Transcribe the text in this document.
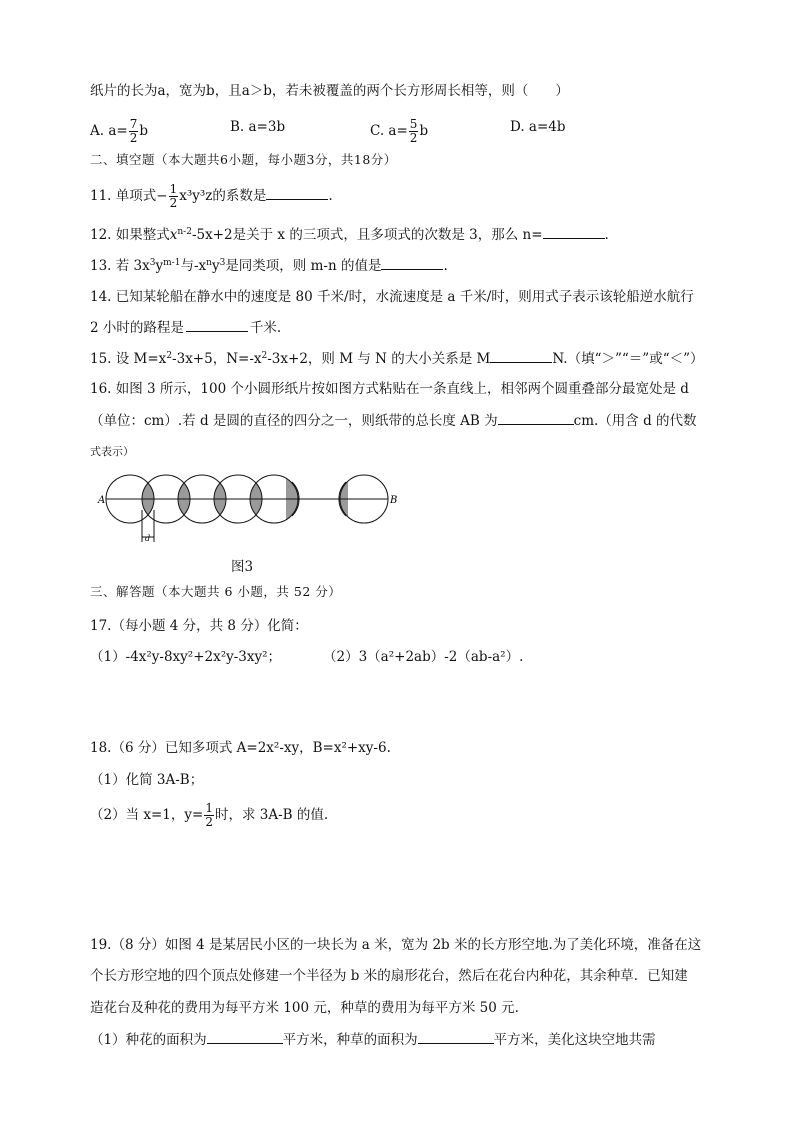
纸片的长为a，宽为b，且a＞b，若未被覆盖的两个长方形周长相等，则（　　）
A. $a= \frac{7}{2}$ b	B. a=3b	C. $a= \frac{5}{2}$ b	D. a=4b
二、填空题（本大题共6小题，每小题3分，共18分）
11. 单项式− $\frac{1}{2} x^3y^3z$的系数是	.
12. 如果整式$x^{n-2}-5x+2$是关于 x 的三项式，且多项式的次数是 3，那么 n=	.
13. 若 $3x^3y^{m-1}$与$-x^ny^3$是同类项，则 m-n 的值是	.
14. 已知某轮船在静水中的速度是 80 千米/时，水流速度是 a 千米/时，则用式子表示该轮船逆水航行
2 小时的路程是	千米.
15. 设 $M=x^2-3x+5$，$N=-x^2-3x+2$，则 M 与 N 的大小关系是 M	N.（填“＞”“＝”或“＜”）
16. 如图 3 所示，100 个小圆形纸片按如图方式粘贴在一条直线上，相邻两个圆重叠部分最宽处是 d
（单位：cm）.若 d 是圆的直径的四分之一，则纸带的总长度 AB 为	cm.（用含 d 的代数
式表示）
A	B
d
图3
三、解答题（本大题共 6 小题，共 52 分）
17.（每小题 4 分，共 8 分）化简：
（1）-4x²y-8xy²+2x²y-3xy²；	（2）3（a²+2ab）-2（ab-a²）.
18.（6 分）已知多项式 A=2x²-xy，B=x²+xy-6.
（1）化简 3A-B；
（2）当 x=1，$y= \frac{1}{2}$ 时，求 3A-B 的值.
19.（8 分）如图 4 是某居民小区的一块长为 a 米，宽为 2b 米的长方形空地.为了美化环境，准备在这
个长方形空地的四个顶点处修建一个半径为 b 米的扇形花台，然后在花台内种花，其余种草．已知建
造花台及种花的费用为每平方米 100 元，种草的费用为每平方米 50 元.
（1）种花的面积为	平方米，种草的面积为	平方米，美化这块空地共需
